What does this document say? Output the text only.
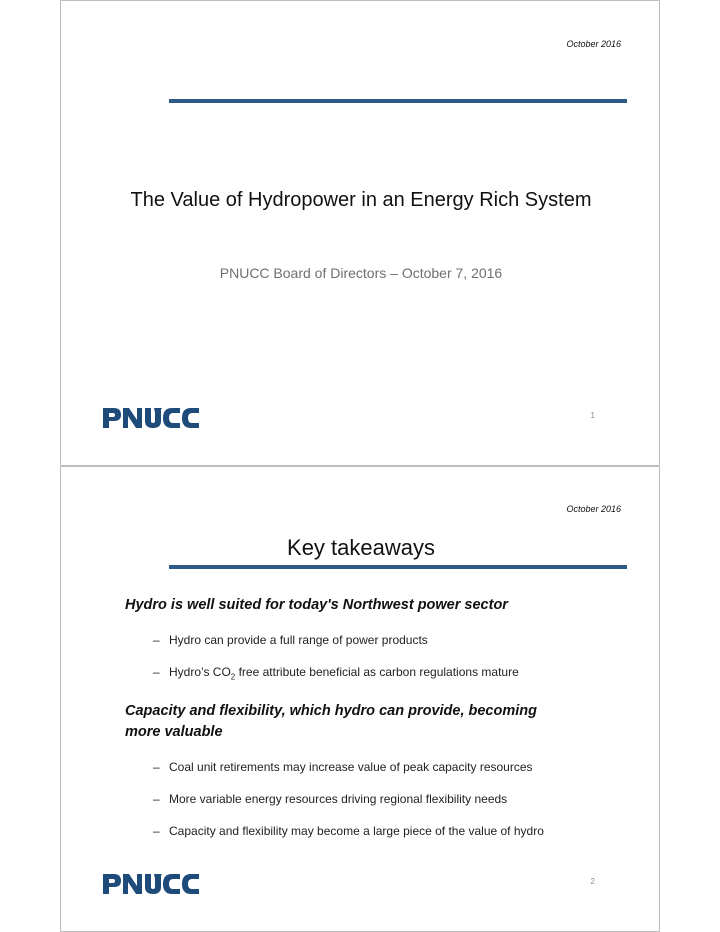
October 2016
The Value of Hydropower in an Energy Rich System
PNUCC Board of Directors – October 7, 2016
1
October 2016
Key takeaways
Hydro is well suited for today's Northwest power sector
– Hydro can provide a full range of power products
– Hydro’s $CO_2$ free attribute beneficial as carbon regulations mature
Capacity and flexibility, which hydro can provide, becoming more valuable
– Coal unit retirements may increase value of peak capacity resources
– More variable energy resources driving regional flexibility needs
– Capacity and flexibility may become a large piece of the value of hydro
2
